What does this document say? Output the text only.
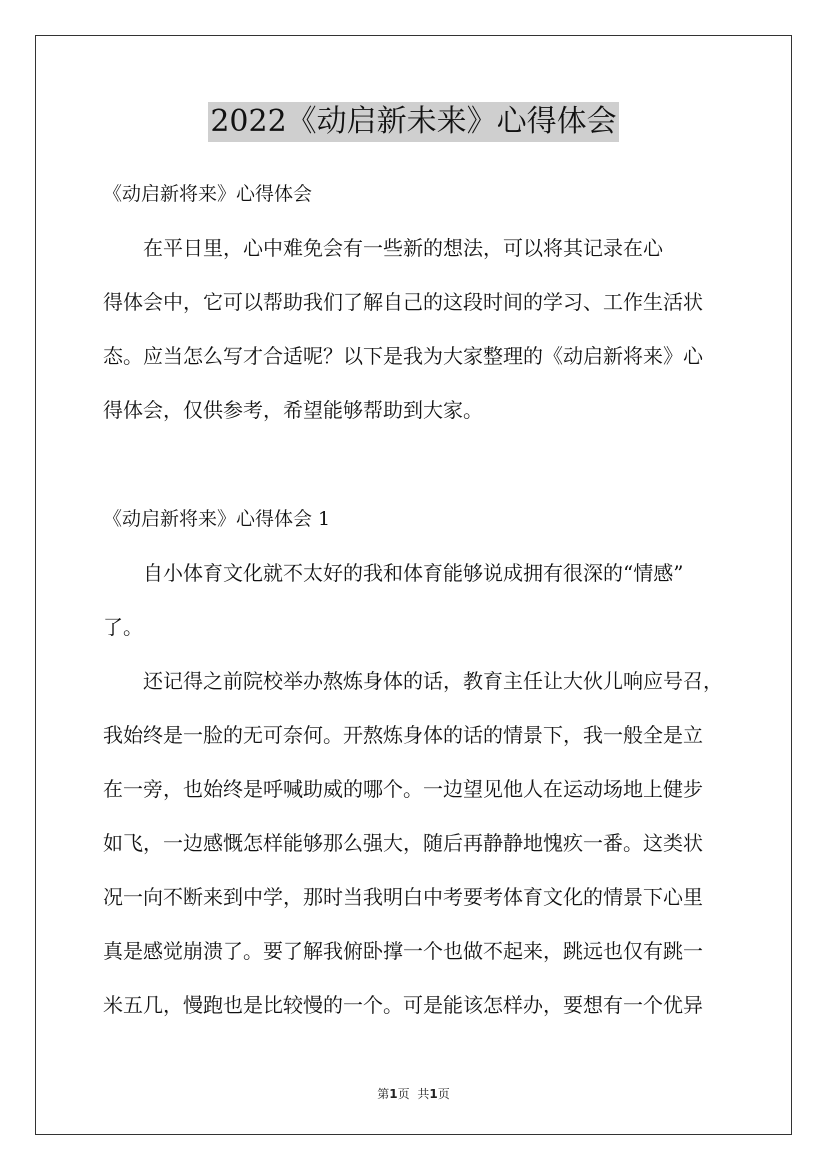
2022《动启新未来》心得体会
《动启新将来》心得体会
　　在平日里，心中难免会有一些新的想法，可以将其记录在心
得体会中，它可以帮助我们了解自己的这段时间的学习、工作生活状
态。应当怎么写才合适呢？以下是我为大家整理的《动启新将来》心
得体会，仅供参考，希望能够帮助到大家。
《动启新将来》心得体会 1
　　自小体育文化就不太好的我和体育能够说成拥有很深的“情感”
了。
　　还记得之前院校举办熬炼身体的话，教育主任让大伙儿响应号召，
我始终是一脸的无可奈何。开熬炼身体的话的情景下，我一般全是立
在一旁，也始终是呼喊助威的哪个。一边望见他人在运动场地上健步
如飞，一边感慨怎样能够那么强大，随后再静静地愧疚一番。这类状
况一向不断来到中学，那时当我明白中考要考体育文化的情景下心里
真是感觉崩溃了。要了解我俯卧撑一个也做不起来，跳远也仅有跳一
米五几，慢跑也是比较慢的一个。可是能该怎样办，要想有一个优异
第1页 共1页
